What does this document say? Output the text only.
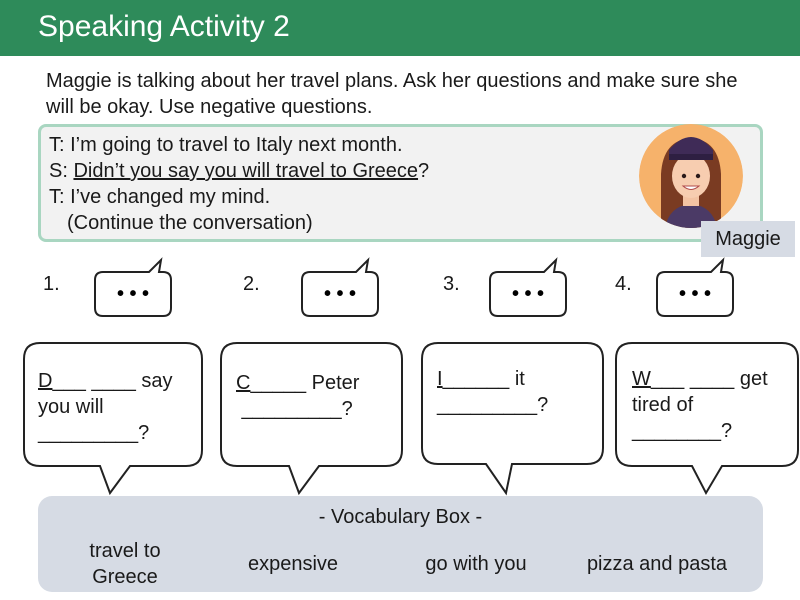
Speaking Activity 2
Maggie is talking about her travel plans. Ask her questions and make sure she will be okay. Use negative questions.
T: I’m going to travel to Italy next month.
S: Didn’t you say you will travel to Greece?
T: I’ve changed my mind.
(Continue the conversation)
Maggie
1.	2.	3.	4.
• • •	• • •	• • •	• • •
D___ ____ say
you will
_________?
C_____ Peter
_________?
I______ it
_________?
W___ ____ get
tired of
________?
- Vocabulary Box -
travel to
Greece
expensive	go with you	pizza and pasta
